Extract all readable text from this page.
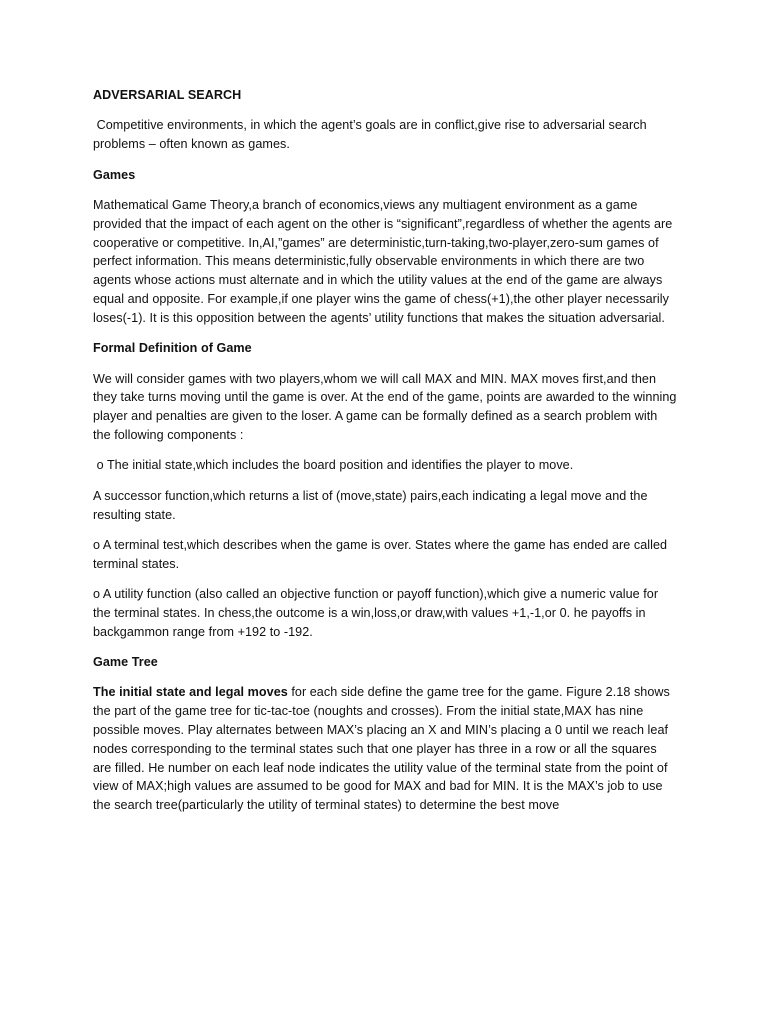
ADVERSARIAL SEARCH

Competitive environments, in which the agent’s goals are in conflict,give rise to adversarial search problems – often known as games.

Games

Mathematical Game Theory,a branch of economics,views any multiagent environment as a game provided that the impact of each agent on the other is “significant”,regardless of whether the agents are cooperative or competitive. In,AI,”games” are deterministic,turn-taking,two-player,zero-sum games of perfect information. This means deterministic,fully observable environments in which there are two agents whose actions must alternate and in which the utility values at the end of the game are always equal and opposite. For example,if one player wins the game of chess(+1),the other player necessarily loses(-1). It is this opposition between the agents’ utility functions that makes the situation adversarial.

Formal Definition of Game

We will consider games with two players,whom we will call MAX and MIN. MAX moves first,and then they take turns moving until the game is over. At the end of the game, points are awarded to the winning player and penalties are given to the loser. A game can be formally defined as a search problem with the following components :

o The initial state,which includes the board position and identifies the player to move.

A successor function,which returns a list of (move,state) pairs,each indicating a legal move and the resulting state.

o A terminal test,which describes when the game is over. States where the game has ended are called terminal states.

o A utility function (also called an objective function or payoff function),which give a numeric value for the terminal states. In chess,the outcome is a win,loss,or draw,with values +1,-1,or 0. he payoffs in backgammon range from +192 to -192.

Game Tree

The initial state and legal moves for each side define the game tree for the game. Figure 2.18 shows the part of the game tree for tic-tac-toe (noughts and crosses). From the initial state,MAX has nine possible moves. Play alternates between MAX’s placing an X and MIN’s placing a 0 until we reach leaf nodes corresponding to the terminal states such that one player has three in a row or all the squares are filled. He number on each leaf node indicates the utility value of the terminal state from the point of view of MAX;high values are assumed to be good for MAX and bad for MIN. It is the MAX’s job to use the search tree(particularly the utility of terminal states) to determine the best move
